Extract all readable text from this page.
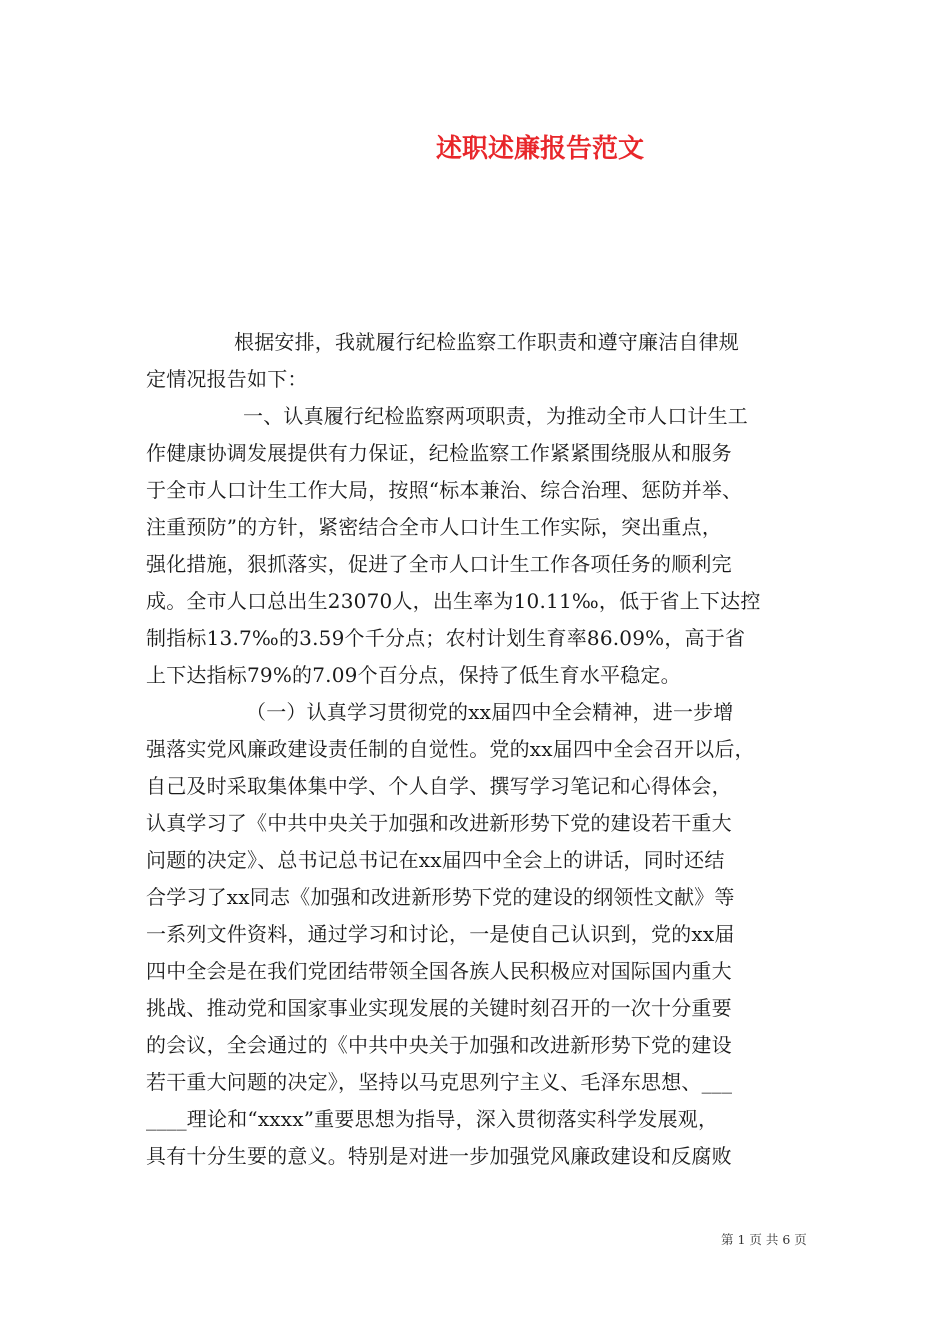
述职述廉报告范文
根据安排，我就履行纪检监察工作职责和遵守廉洁自律规
定情况报告如下：
一、认真履行纪检监察两项职责，为推动全市人口计生工
作健康协调发展提供有力保证，纪检监察工作紧紧围绕服从和服务
于全市人口计生工作大局，按照“标本兼治、综合治理、惩防并举、
注重预防”的方针，紧密结合全市人口计生工作实际，突出重点，
强化措施，狠抓落实，促进了全市人口计生工作各项任务的顺利完
成。全市人口总出生23070人，出生率为10.11‰，低于省上下达控
制指标13.7‰的3.59个千分点；农村计划生育率86.09%，高于省
上下达指标79%的7.09个百分点，保持了低生育水平稳定。
（一）认真学习贯彻党的xx届四中全会精神，进一步增
强落实党风廉政建设责任制的自觉性。党的xx届四中全会召开以后，
自己及时采取集体集中学、个人自学、撰写学习笔记和心得体会，
认真学习了《中共中央关于加强和改进新形势下党的建设若干重大
问题的决定》、总书记总书记在xx届四中全会上的讲话，同时还结
合学习了xx同志《加强和改进新形势下党的建设的纲领性文献》等
一系列文件资料，通过学习和讨论，一是使自己认识到，党的xx届
四中全会是在我们党团结带领全国各族人民积极应对国际国内重大
挑战、推动党和国家事业实现发展的关键时刻召开的一次十分重要
的会议，全会通过的《中共中央关于加强和改进新形势下党的建设
若干重大问题的决定》，坚持以马克思列宁主义、毛泽东思想、___
____理论和“xxxx”重要思想为指导，深入贯彻落实科学发展观，
具有十分生要的意义。特别是对进一步加强党风廉政建设和反腐败
第 1 页 共 6 页
